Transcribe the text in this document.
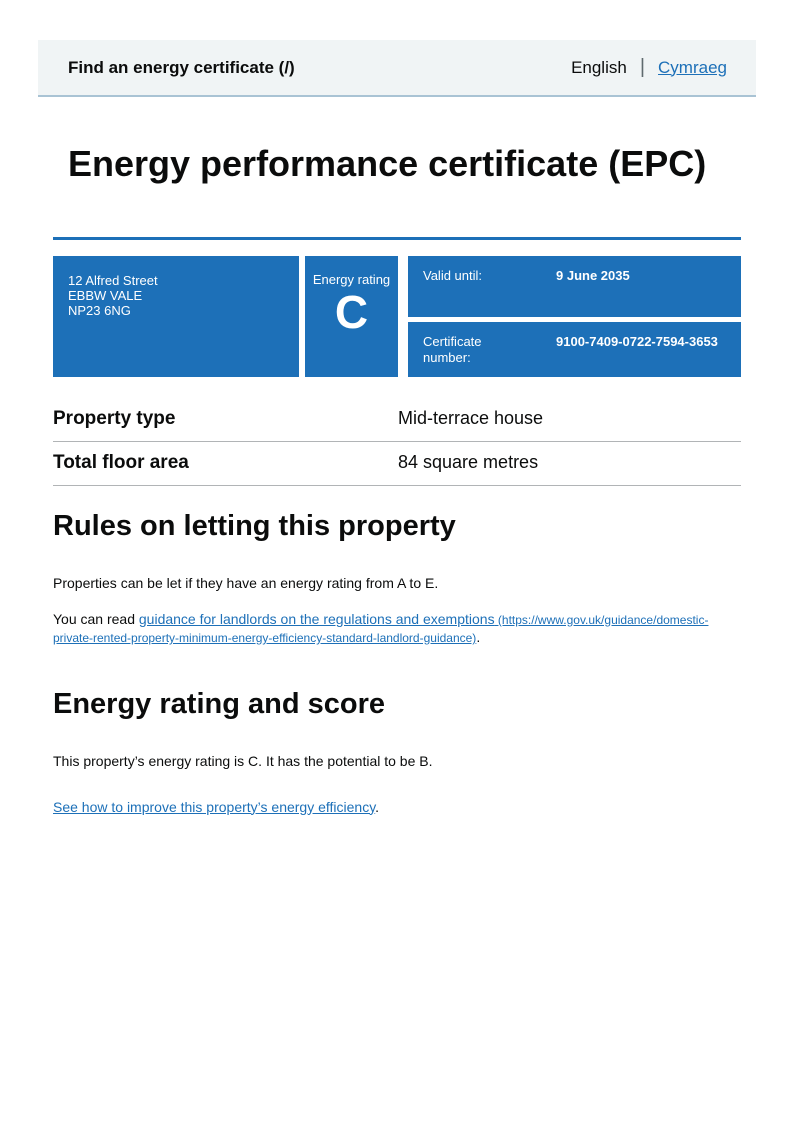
Find an energy certificate (/)	English | Cymraeg
Energy performance certificate (EPC)
12 Alfred Street
EBBW VALE
NP23 6NG
Energy rating
C
Valid until:	9 June 2035
Certificate number:
9100-7409-0722-7594-3653
Property type	Mid-terrace house
Total floor area	84 square metres
Rules on letting this property

Properties can be let if they have an energy rating from A to E.

You can read guidance for landlords on the regulations and exemptions (https://www.gov.uk/guidance/domestic-private-rented-property-minimum-energy-efficiency-standard-landlord-guidance).

Energy rating and score

This property’s energy rating is C. It has the potential to be B.

See how to improve this property’s energy efficiency.
